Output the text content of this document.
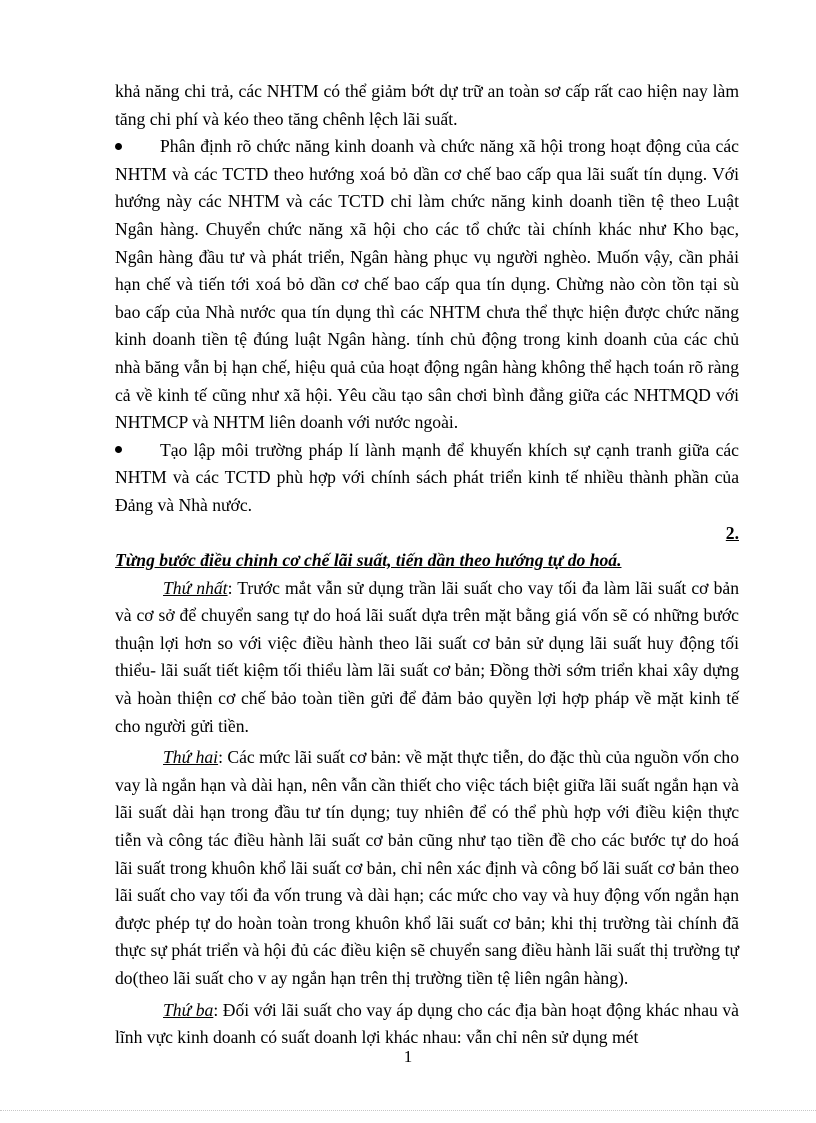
khả năng chi trả, các NHTM có thể giảm bớt dự trữ an toàn sơ cấp rất cao hiện nay làm tăng chi phí và kéo theo tăng chênh lệch lãi suất.

Phân định rõ chức năng kinh doanh và chức năng xã hội trong hoạt động của các NHTM và các TCTD theo hướng xoá bỏ dần cơ chế bao cấp qua lãi suất tín dụng. Với hướng này các NHTM và các TCTD chỉ làm chức năng kinh doanh tiền tệ theo Luật Ngân hàng. Chuyển chức năng xã hội cho các tổ chức tài chính khác như Kho bạc, Ngân hàng đầu tư và phát triển, Ngân hàng phục vụ người nghèo. Muốn vậy, cần phải hạn chế và tiến tới xoá bỏ dần cơ chế bao cấp qua tín dụng. Chừng nào còn tồn tại sù bao cấp của Nhà nước qua tín dụng thì các NHTM chưa thể thực hiện được chức năng kinh doanh tiền tệ đúng luật Ngân hàng. tính chủ động trong kinh doanh của các chủ nhà băng vẫn bị hạn chế, hiệu quả của hoạt động ngân hàng không thể hạch toán rõ ràng cả về kinh tế cũng như xã hội. Yêu cầu tạo sân chơi bình đẳng giữa các NHTMQD với NHTMCP và NHTM liên doanh với nước ngoài.

Tạo lập môi trường pháp lí lành mạnh để khuyến khích sự cạnh tranh giữa các NHTM và các TCTD phù hợp với chính sách phát triển kinh tế nhiều thành phần của Đảng và Nhà nước.

2.

Từng bước điều chỉnh cơ chế lãi suất, tiến dần theo hướng tự do hoá.

Thứ nhất: Trước mắt vẫn sử dụng trần lãi suất cho vay tối đa làm lãi suất cơ bản và cơ sở để chuyển sang tự do hoá lãi suất dựa trên mặt bằng giá vốn sẽ có những bước thuận lợi hơn so với việc điều hành theo lãi suất cơ bản sử dụng lãi suất huy động tối thiểu- lãi suất tiết kiệm tối thiểu làm lãi suất cơ bản; Đồng thời sớm triển khai xây dựng và hoàn thiện cơ chế bảo toàn tiền gửi để đảm bảo quyền lợi hợp pháp về mặt kinh tế cho người gửi tiền.

Thứ hai: Các mức lãi suất cơ bản: về mặt thực tiễn, do đặc thù của nguồn vốn cho vay là ngắn hạn và dài hạn, nên vẫn cần thiết cho việc tách biệt giữa lãi suất ngắn hạn và lãi suất dài hạn trong đầu tư tín dụng; tuy nhiên để có thể phù hợp với điều kiện thực tiễn và công tác điều hành lãi suất cơ bản cũng như tạo tiền đề cho các bước tự do hoá lãi suất trong khuôn khổ lãi suất cơ bản, chỉ nên xác định và công bố lãi suất cơ bản theo lãi suất cho vay tối đa vốn trung và dài hạn; các mức cho vay và huy động vốn ngắn hạn được phép tự do hoàn toàn trong khuôn khổ lãi suất cơ bản; khi thị trường tài chính đã thực sự phát triển và hội đủ các điều kiện sẽ chuyển sang điều hành lãi suất thị trường tự do(theo lãi suất cho v ay ngắn hạn trên thị trường tiền tệ liên ngân hàng).

Thứ ba: Đối với lãi suất cho vay áp dụng cho các địa bàn hoạt động khác nhau và lĩnh vực kinh doanh có suất doanh lợi khác nhau: vẫn chỉ nên sử dụng mét

1
